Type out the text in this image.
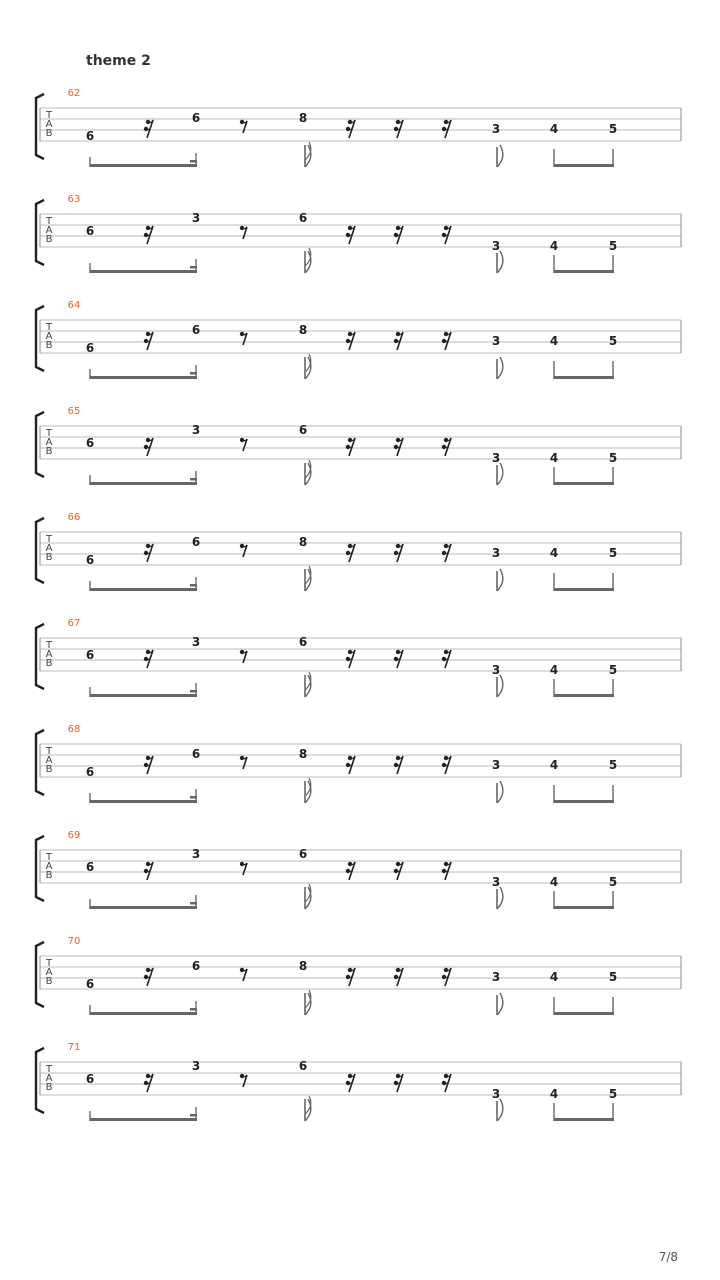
theme 2
T
A
B
62
6
6	8
3	4	5
T
A
B
63
6
3	6
3	4	5
T
A
B
64
6
6	8
3	4	5
T
A
B
65
6
3	6
3	4	5
T
A
B
66
6
6	8
3	4	5
T
A
B
67
6
3	6
3	4	5
T
A
B
68
6
6	8
3	4	5
T
A
B
69
6
3	6
3	4	5
T
A
B
70
6
6	8
3	4	5
T
A
B
71
6
3	6
3	4	5
7/8
